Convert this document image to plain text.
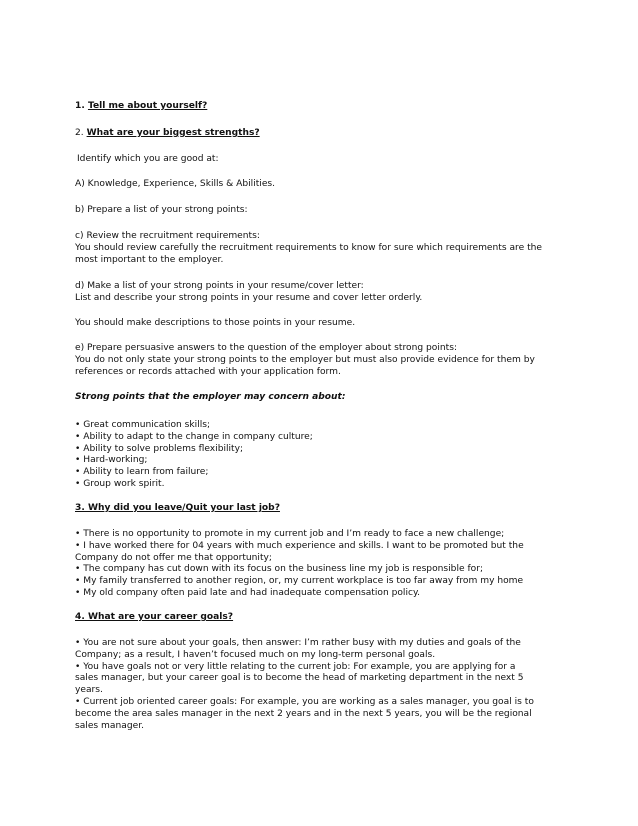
1. Tell me about yourself?
2. What are your biggest strengths?
Identify which you are good at:
A) Knowledge, Experience, Skills & Abilities.
b) Prepare a list of your strong points:
c) Review the recruitment requirements:
You should review carefully the recruitment requirements to know for sure which requirements are the
most important to the employer.
d) Make a list of your strong points in your resume/cover letter:
List and describe your strong points in your resume and cover letter orderly.
You should make descriptions to those points in your resume.
e) Prepare persuasive answers to the question of the employer about strong points:
You do not only state your strong points to the employer but must also provide evidence for them by
references or records attached with your application form.
Strong points that the employer may concern about:
• Great communication skills;
• Ability to adapt to the change in company culture;
• Ability to solve problems flexibility;
• Hard-working;
• Ability to learn from failure;
• Group work spirit.
3. Why did you leave/Quit your last job?
• There is no opportunity to promote in my current job and I’m ready to face a new challenge;
• I have worked there for 04 years with much experience and skills. I want to be promoted but the
Company do not offer me that opportunity;
• The company has cut down with its focus on the business line my job is responsible for;
• My family transferred to another region, or, my current workplace is too far away from my home
• My old company often paid late and had inadequate compensation policy.
4. What are your career goals?
• You are not sure about your goals, then answer: I’m rather busy with my duties and goals of the
Company; as a result, I haven’t focused much on my long-term personal goals.
• You have goals not or very little relating to the current job: For example, you are applying for a
sales manager, but your career goal is to become the head of marketing department in the next 5
years.
• Current job oriented career goals: For example, you are working as a sales manager, you goal is to
become the area sales manager in the next 2 years and in the next 5 years, you will be the regional
sales manager.
